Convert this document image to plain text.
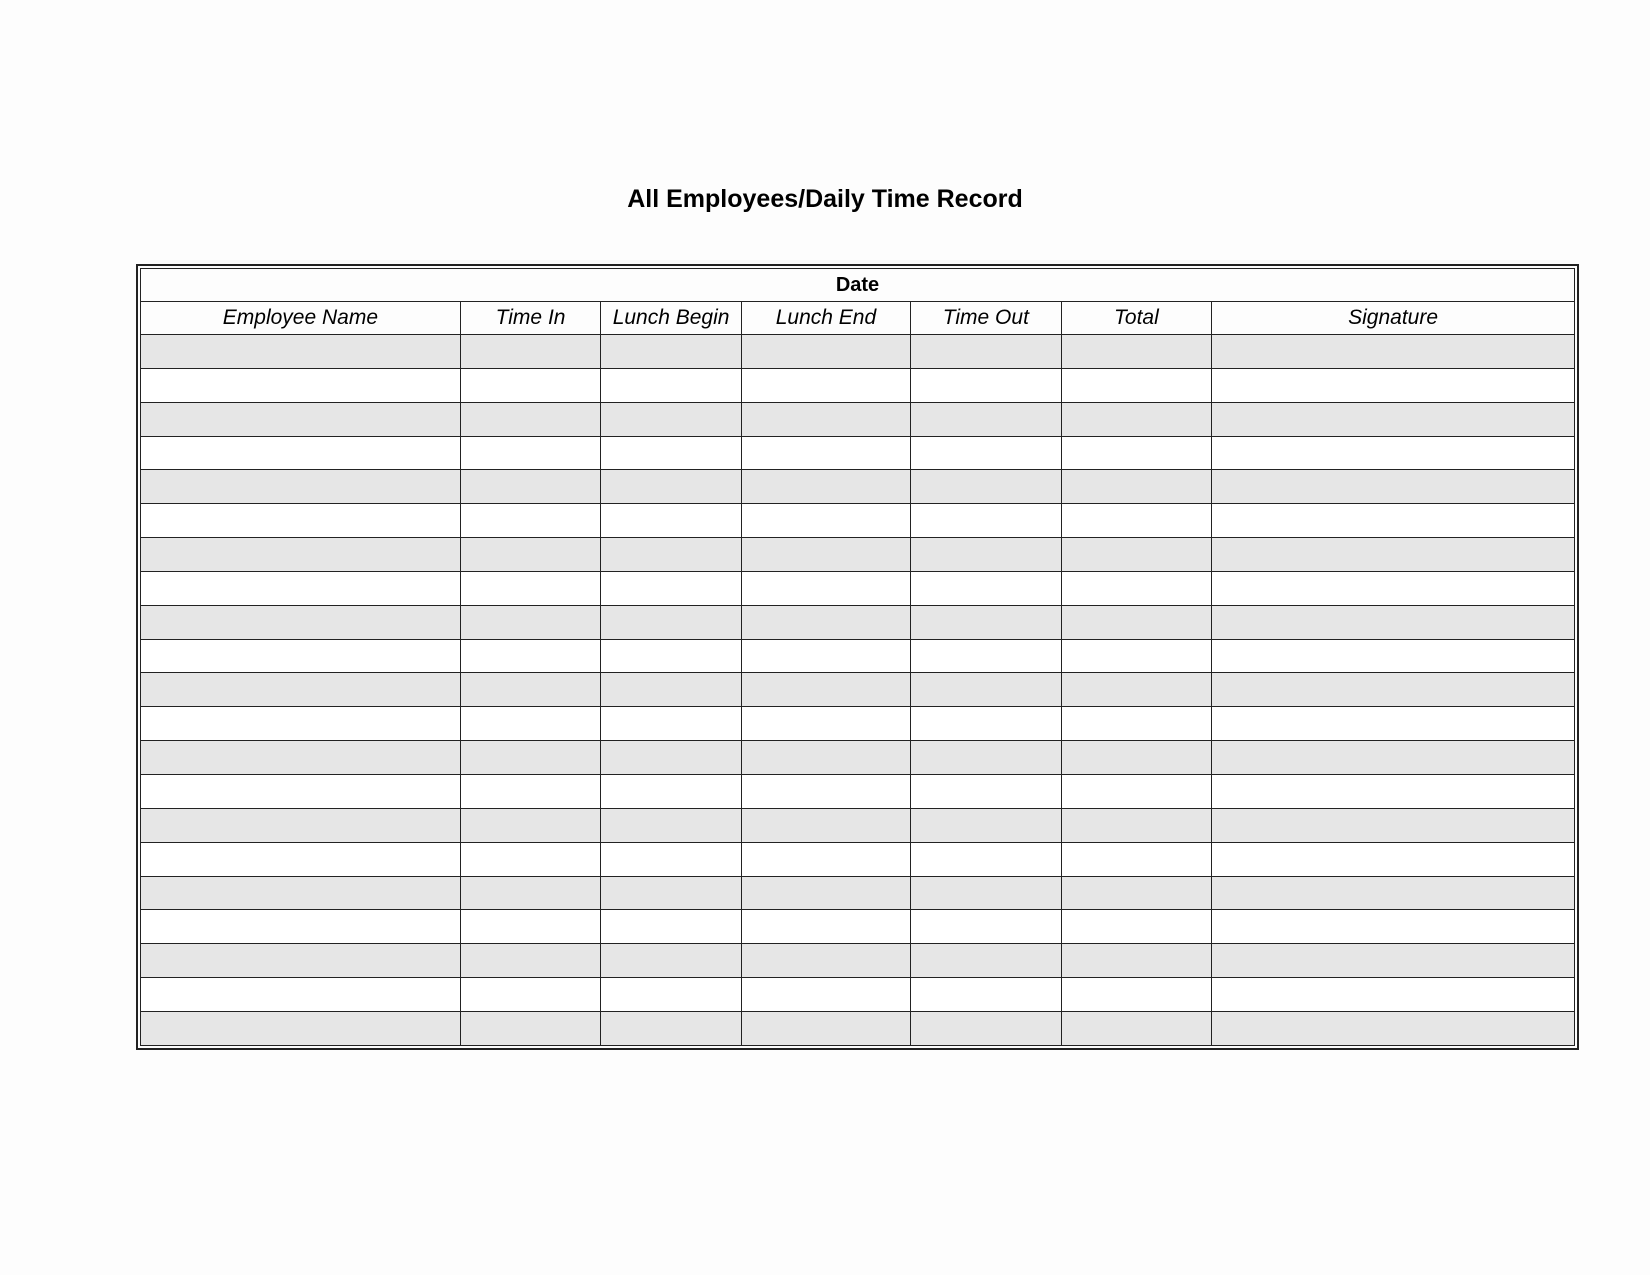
All Employees/Daily Time Record
Date						
Employee Name	Time In	Lunch Begin	Lunch End	Time Out	Total	Signature
